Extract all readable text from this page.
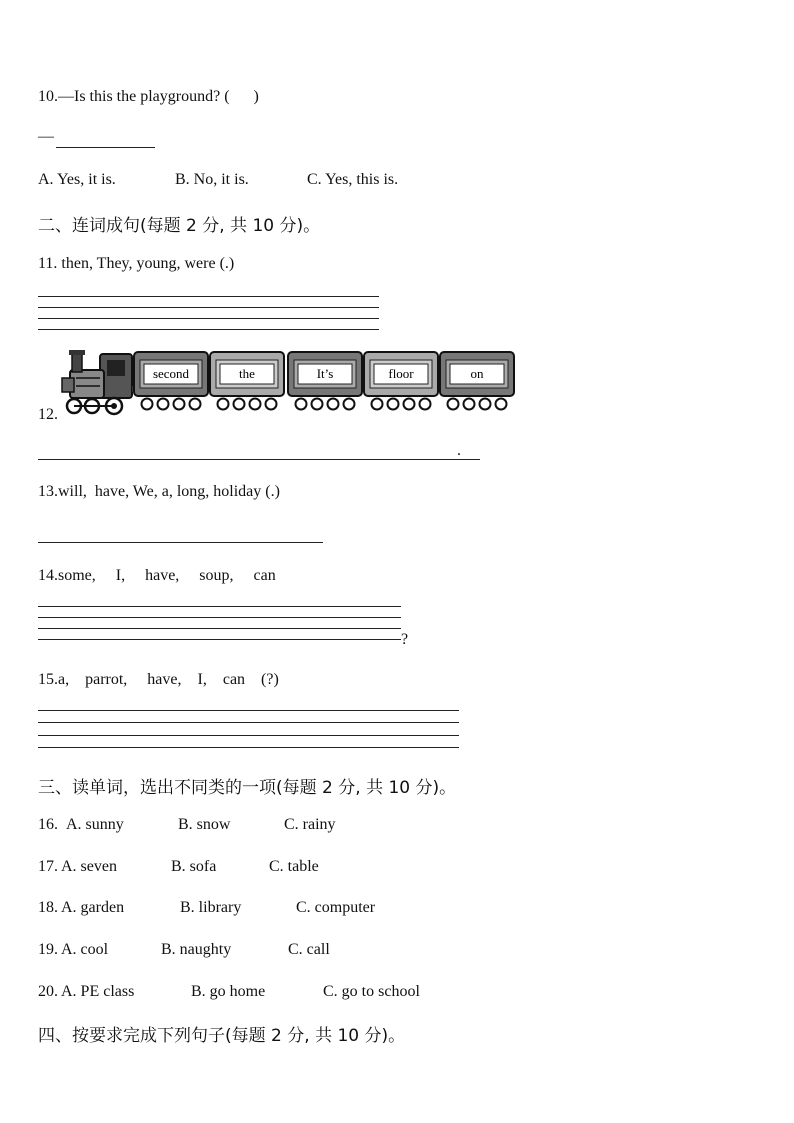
10.—Is this the playground? (      )
—
A. Yes, it is.	B. No, it is.	C. Yes, this is.
二、连词成句(每题 2 分, 共 10 分)。
11. then, They, young, were (.)
12.
second	the	It’s	floor	on
.
13.will,  have, We, a, long, holiday (.)
14.some,     I,     have,     soup,     can
?
15.a,    parrot,     have,    I,    can    (?)
三、读单词，选出不同类的一项(每题 2 分, 共 10 分)。
16. A. sunny	B. snow	C. rainy
17. A. seven	B. sofa	C. table
18. A. garden	B. library	C. computer
19. A. cool	B. naughty	C. call
20. A. PE class	B. go home	C. go to school
四、按要求完成下列句子(每题 2 分, 共 10 分)。
